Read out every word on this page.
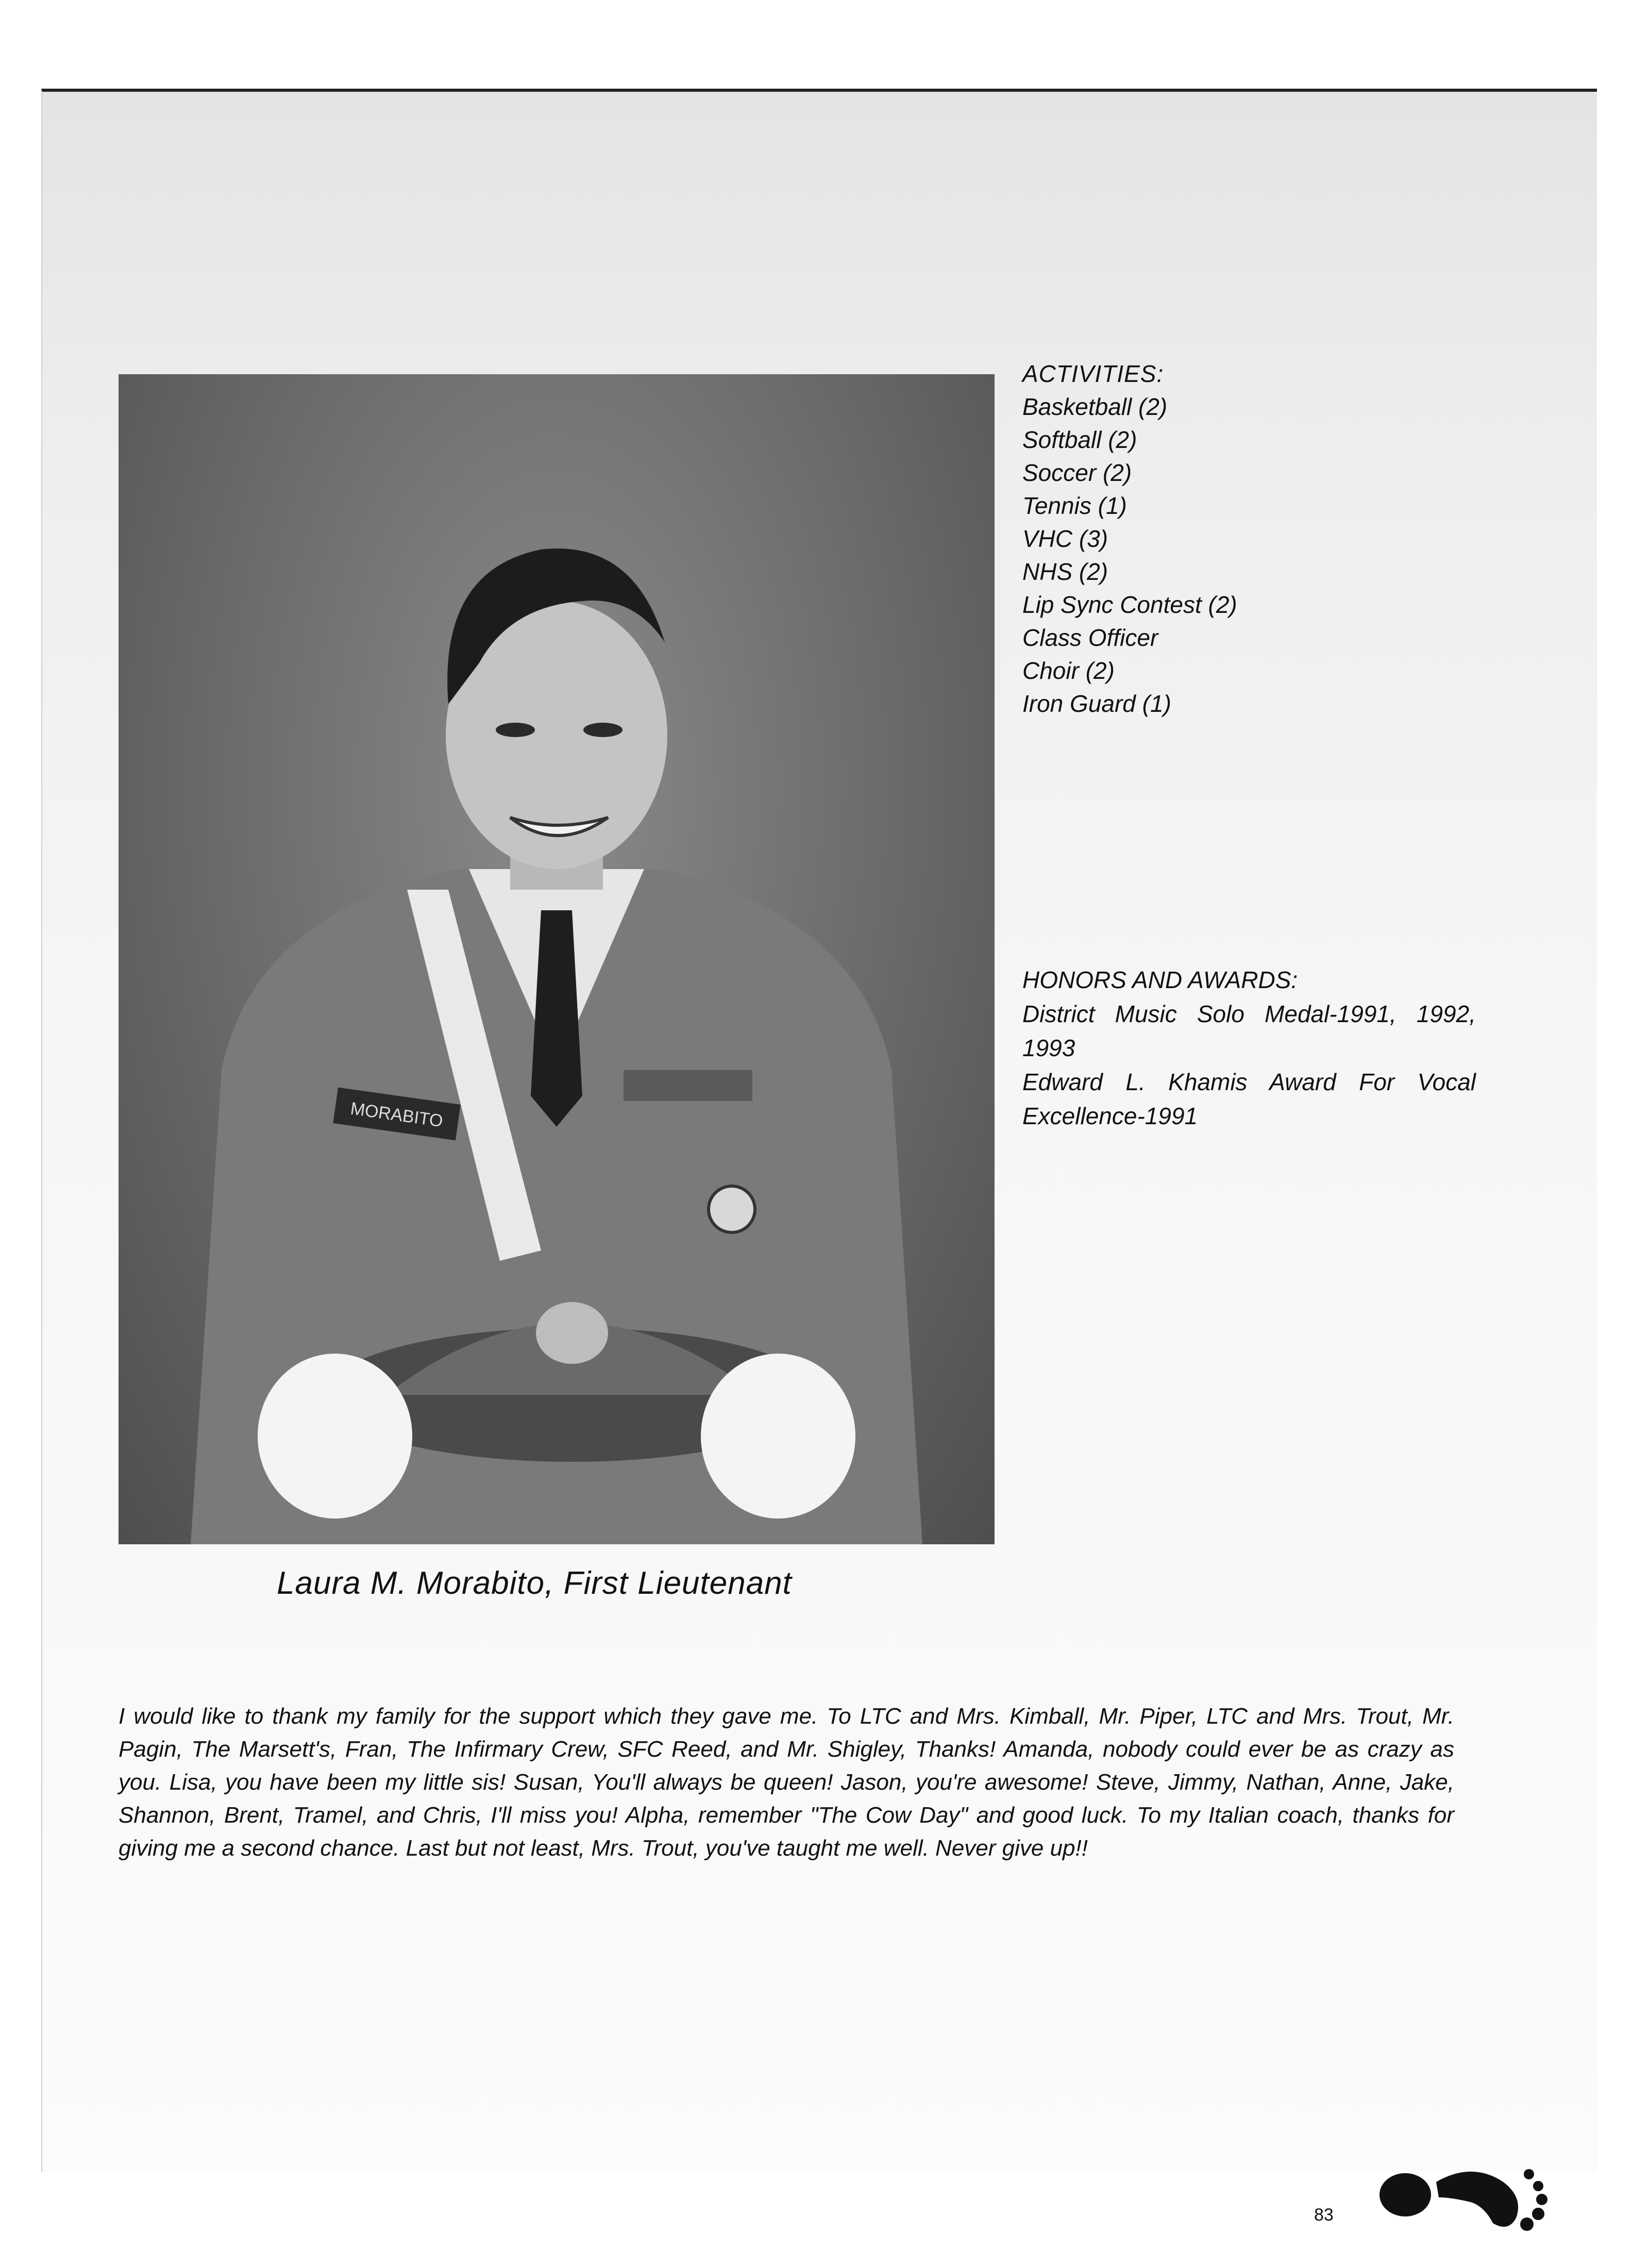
MORABITO
ACTIVITIES:
Basketball (2)
Softball (2)
Soccer (2)
Tennis (1)
VHC (3)
NHS (2)
Lip Sync Contest (2)
Class Officer
Choir (2)
Iron Guard (1)
HONORS AND AWARDS:
District Music Solo Medal-1991, 1992, 1993
Edward L. Khamis Award For Vocal Excellence-1991
Laura M. Morabito, First Lieutenant

I would like to thank my family for the support which they gave me. To LTC and Mrs. Kimball, Mr. Piper, LTC and Mrs. Trout, Mr. Pagin, The Marsett's, Fran, The Infirmary Crew, SFC Reed, and Mr. Shigley, Thanks! Amanda, nobody could ever be as crazy as you. Lisa, you have been my little sis! Susan, You'll always be queen! Jason, you're awesome! Steve, Jimmy, Nathan, Anne, Jake, Shannon, Brent, Tramel, and Chris, I'll miss you! Alpha, remember "The Cow Day" and good luck. To my Italian coach, thanks for giving me a second chance. Last but not least, Mrs. Trout, you've taught me well. Never give up!!

83
